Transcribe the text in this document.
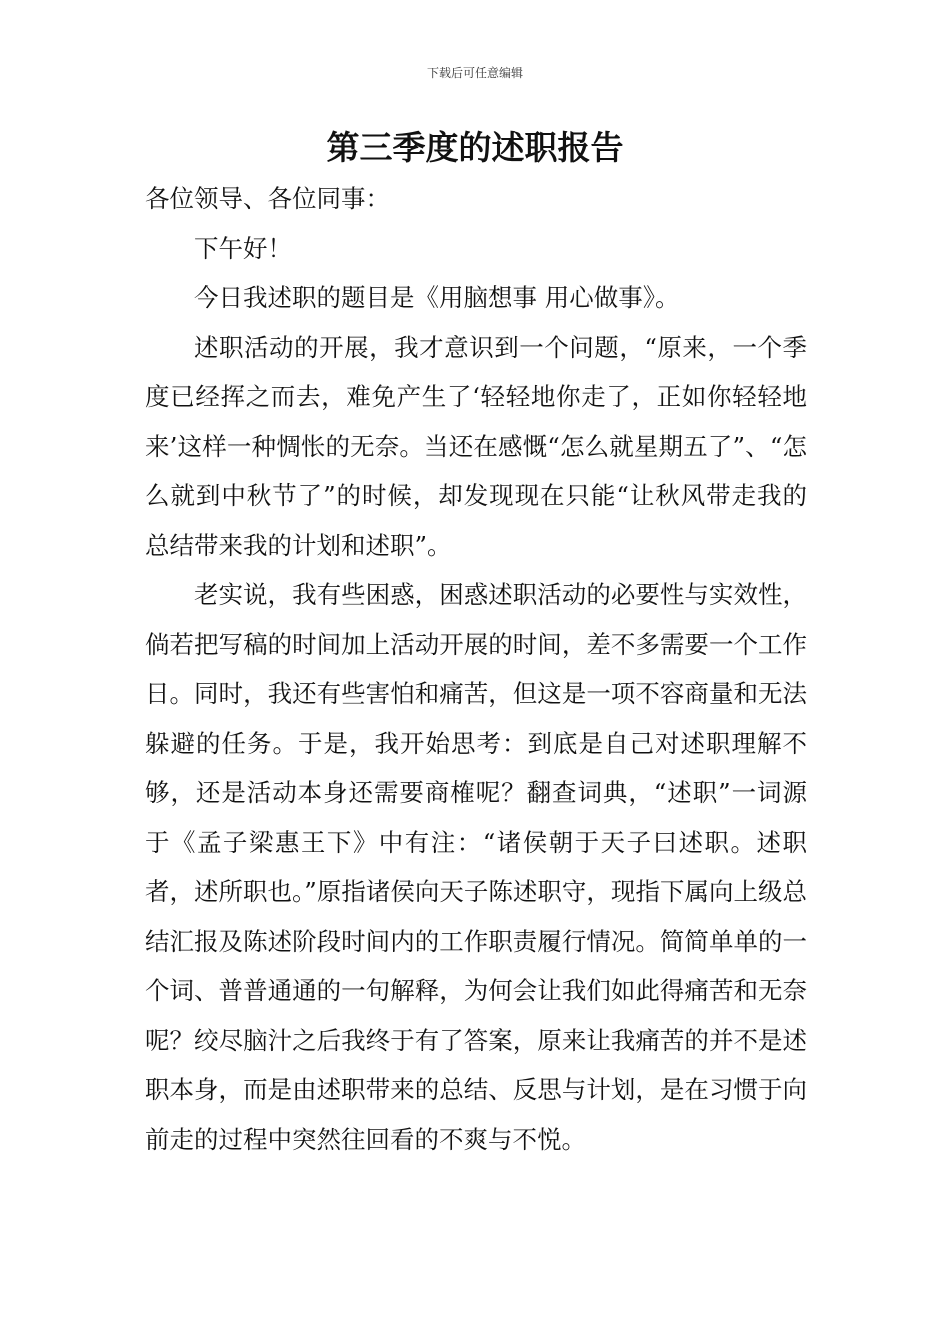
下载后可任意编辑
第三季度的述职报告

各位领导、各位同事：

下午好！

今日我述职的题目是《用脑想事 用心做事》。

述职活动的开展，我才意识到一个问题，“原来，一个季度已经挥之而去，难免产生了‘轻轻地你走了，正如你轻轻地来’这样一种惆怅的无奈。当还在感慨“怎么就星期五了”、“怎么就到中秋节了”的时候，却发现现在只能“让秋风带走我的总结带来我的计划和述职”。

老实说，我有些困惑，困惑述职活动的必要性与实效性，倘若把写稿的时间加上活动开展的时间，差不多需要一个工作日。同时，我还有些害怕和痛苦，但这是一项不容商量和无法躲避的任务。于是，我开始思考：到底是自己对述职理解不够，还是活动本身还需要商榷呢？翻查词典，“述职”一词源于《孟子梁惠王下》中有注：“诸侯朝于天子曰述职。述职者，述所职也。”原指诸侯向天子陈述职守，现指下属向上级总结汇报及陈述阶段时间内的工作职责履行情况。简简单单的一个词、普普通通的一句解释，为何会让我们如此得痛苦和无奈呢？绞尽脑汁之后我终于有了答案，原来让我痛苦的并不是述职本身，而是由述职带来的总结、反思与计划，是在习惯于向前走的过程中突然往回看的不爽与不悦。
